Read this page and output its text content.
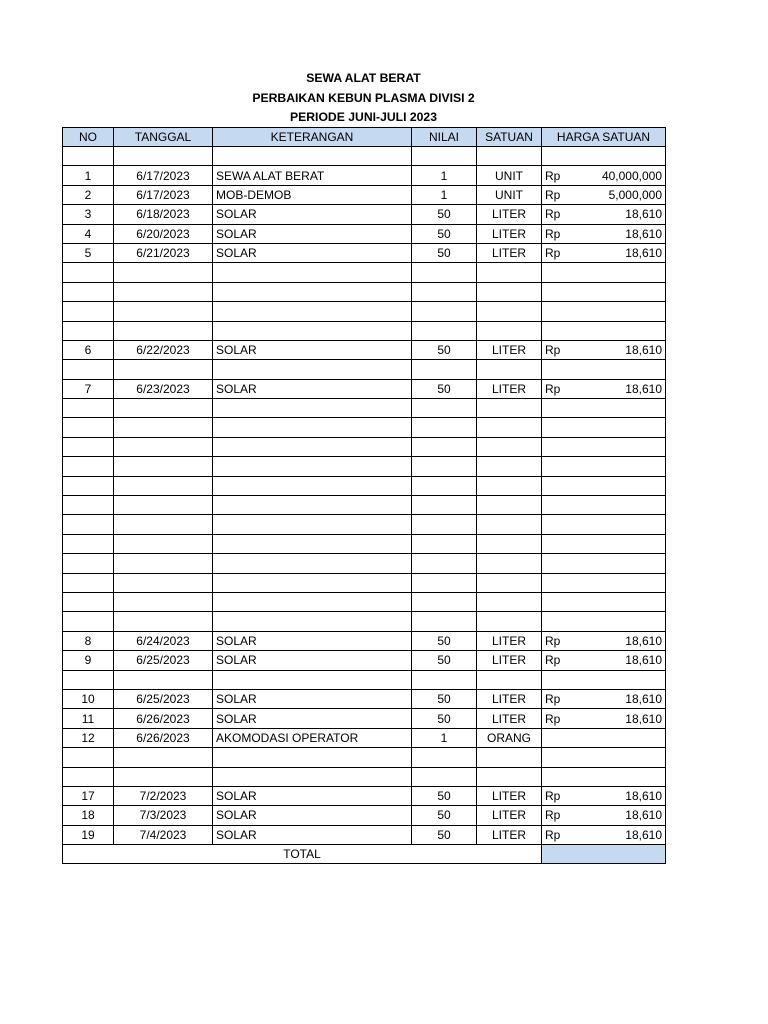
SEWA ALAT BERAT
PERBAIKAN KEBUN PLASMA DIVISI 2
PERIODE JUNI-JULI 2023
NO	TANGGAL	KETERANGAN	NILAI	SATUAN	HARGA SATUAN

1	6/17/2023	SEWA ALAT BERAT	1	UNIT	Rp 40,000,000

2	6/17/2023	MOB-DEMOB	1	UNIT	Rp 5,000,000

3	6/18/2023	SOLAR	50	LITER	Rp 18,610

4	6/20/2023	SOLAR	50	LITER	Rp 18,610

5	6/21/2023	SOLAR	50	LITER	Rp 18,610

6	6/22/2023	SOLAR	50	LITER	Rp 18,610

7	6/23/2023	SOLAR	50	LITER	Rp 18,610

8	6/24/2023	SOLAR	50	LITER	Rp 18,610

9	6/25/2023	SOLAR	50	LITER	Rp 18,610

10	6/25/2023	SOLAR	50	LITER	Rp 18,610

11	6/26/2023	SOLAR	50	LITER	Rp 18,610

12	6/26/2023	AKOMODASI OPERATOR	1	ORANG	

17	7/2/2023	SOLAR	50	LITER	Rp 18,610

18	7/3/2023	SOLAR	50	LITER	Rp 18,610

19	7/4/2023	SOLAR	50	LITER	Rp 18,610

TOTAL					
